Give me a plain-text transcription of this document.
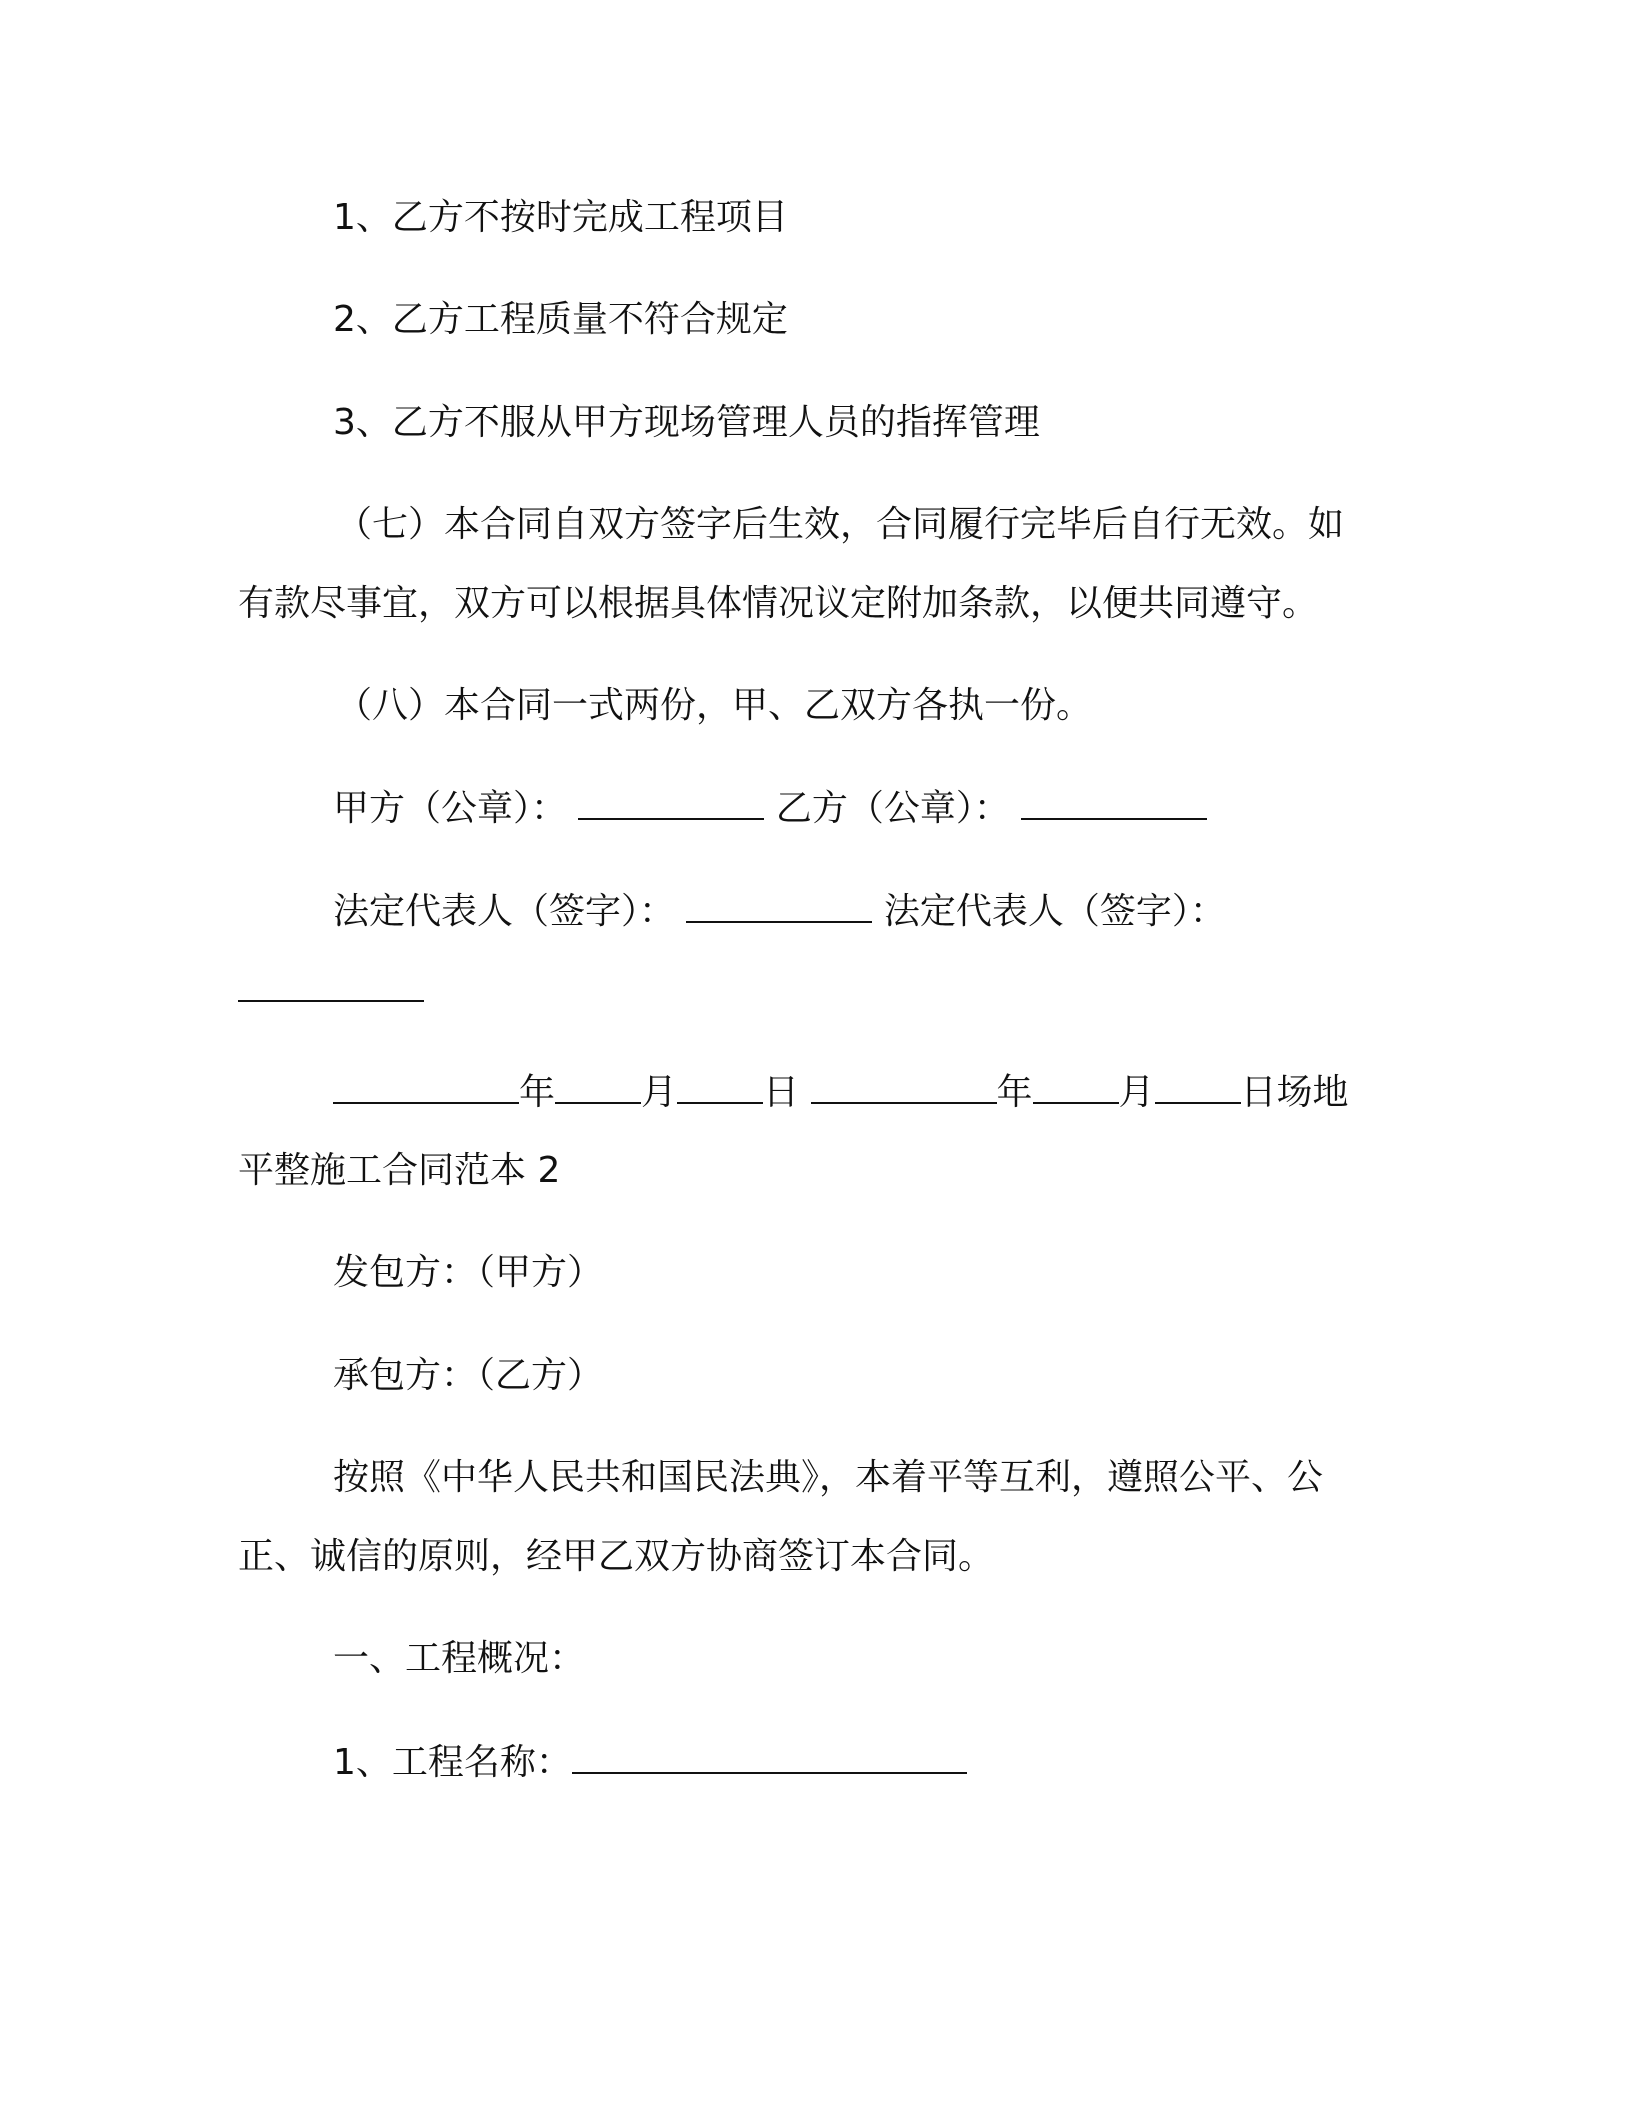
1、乙方不按时完成工程项目
2、乙方工程质量不符合规定
3、乙方不服从甲方现场管理人员的指挥管理
（七）本合同自双方签字后生效，合同履行完毕后自行无效。如
有款尽事宜，双方可以根据具体情况议定附加条款，以便共同遵守。
（八）本合同一式两份，甲、乙双方各执一份。
甲方（公章）：	乙方（公章）：
法定代表人（签字）：	法定代表人（签字）：
年 月 日	年 月 日场地
平整施工合同范本 2
发包方：（甲方）
承包方：（乙方）
按照《中华人民共和国民法典》，本着平等互利，遵照公平、公
正、诚信的原则，经甲乙双方协商签订本合同。
一、工程概况：
1、工程名称：
